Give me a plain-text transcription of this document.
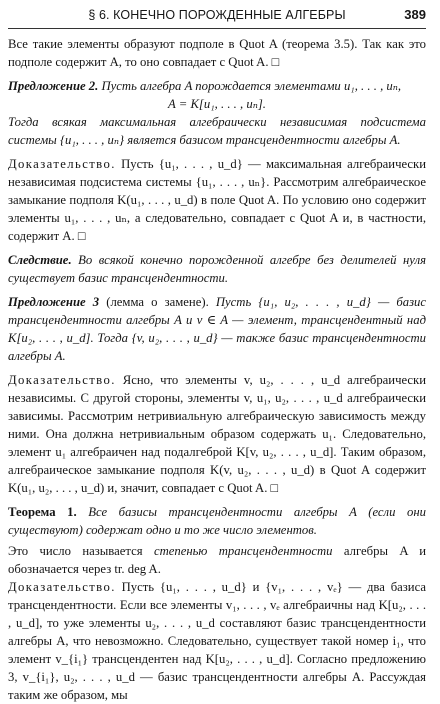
§ 6. КОНЕЧНО ПОРОЖДЕННЫЕ АЛГЕБРЫ	389

Все такие элементы образуют подполе в Quot A (теорема 3.5). Так как это подполе содержит A, то оно совпадает с Quot A. □

Предложение 2. Пусть алгебра A порождается элементами u₁, . . . , uₙ,

A = K[u₁, . . . , uₙ].

Тогда всякая максимальная алгебраически независимая подсистема системы {u₁, . . . , uₙ} является базисом трансцендентности алгебры A.

Доказательство. Пусть {u₁, . . . , u_d} — максимальная алгебраически независимая подсистема системы {u₁, . . . , uₙ}. Рассмотрим алгебраическое замыкание подполя K(u₁, . . . , u_d) в поле Quot A. По условию оно содержит элементы u₁, . . . , uₙ, а следовательно, совпадает с Quot A и, в частности, содержит A. □

Следствие. Во всякой конечно порожденной алгебре без делителей нуля существует базис трансцендентности.

Предложение 3 (лемма о замене). Пусть {u₁, u₂, . . . , u_d} — базис трансцендентности алгебры A и v ∈ A — элемент, трансцендентный над K[u₂, . . . , u_d]. Тогда {v, u₂, . . . , u_d} — также базис трансцендентности алгебры A.

Доказательство. Ясно, что элементы v, u₂, . . . , u_d алгебраически независимы. С другой стороны, элементы v, u₁, u₂, . . . , u_d алгебраически зависимы. Рассмотрим нетривиальную алгебраическую зависимость между ними. Она должна нетривиальным образом содержать u₁. Следовательно, элемент u₁ алгебраичен над подалгеброй K[v, u₂, . . . , u_d]. Таким образом, алгебраическое замыкание подполя K(v, u₂, . . . , u_d) в Quot A содержит K(u₁, u₂, . . . , u_d) и, значит, совпадает с Quot A. □

Теорема 1. Все базисы трансцендентности алгебры A (если они существуют) содержат одно и то же число элементов.

Это число называется степенью трансцендентности алгебры A и обозначается через tr. deg A.

Доказательство. Пусть {u₁, . . . , u_d} и {v₁, . . . , vₑ} — два базиса трансцендентности. Если все элементы v₁, . . . , vₑ алгебраичны над K[u₂, . . . , u_d], то уже элементы u₂, . . . , u_d составляют базис трансцендентности алгебры A, что невозможно. Следовательно, существует такой номер i₁, что элемент v_{i₁} трансцендентен над K[u₂, . . . , u_d]. Согласно предложению 3, v_{i₁}, u₂, . . . , u_d — базис трансцендентности алгебры A. Рассуждая таким же образом, мы
